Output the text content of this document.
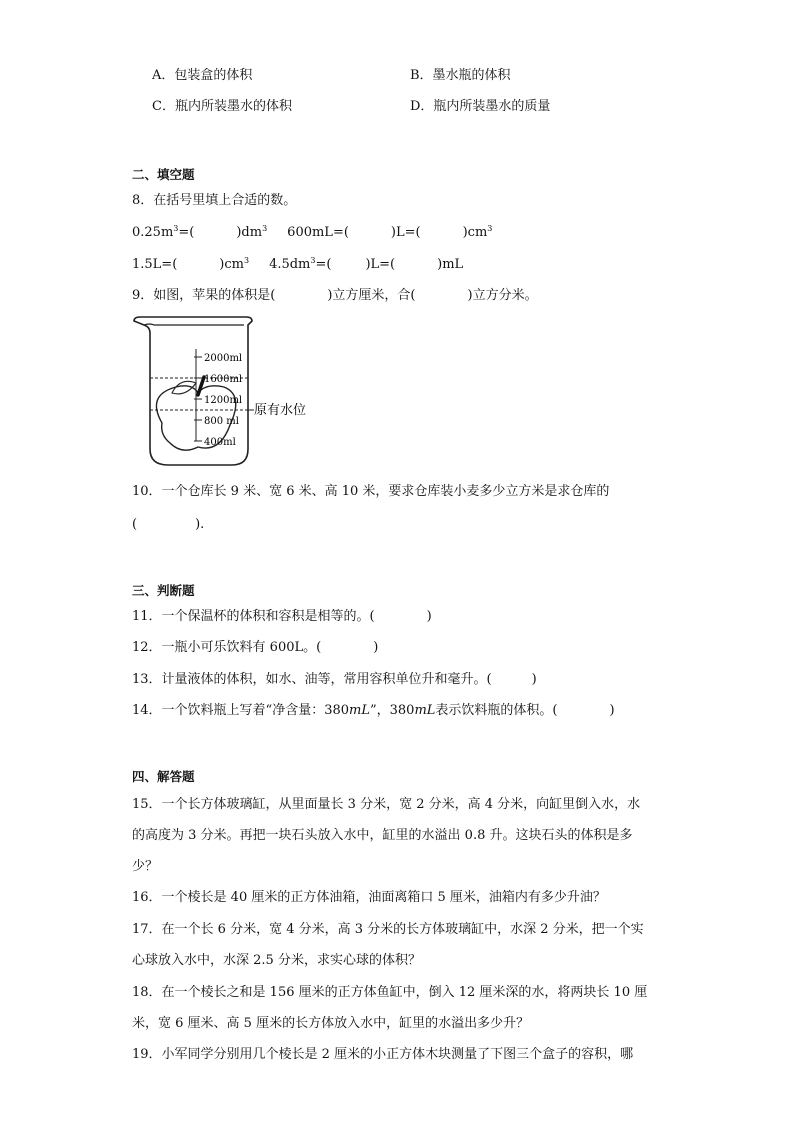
A．包装盒的体积	B．墨水瓶的体积
C．瓶内所装墨水的体积	D．瓶内所装墨水的质量
二、填空题
8．在括号里填上合适的数。
$0.25m^3=$(	)$dm^3$ 600mL=(	)L=(	)$cm^3$
1.5L=(	)$cm^3$ $4.5dm^3=$(	)L=(	)mL
9．如图，苹果的体积是(	)立方厘米，合(	)立方分米。
2000ml
1600ml
1200ml
800 ml
400ml
原有水位
10．一个仓库长 9 米、宽 6 米、高 10 米，要求仓库装小麦多少立方米是求仓库的
(	).
三、判断题
11．一个保温杯的体积和容积是相等的。(	)
12．一瓶小可乐饮料有 600L。(	)
13．计量液体的体积，如水、油等，常用容积单位升和毫升。(	)
14．一个饮料瓶上写着“净含量：380mL”，380mL表示饮料瓶的体积。(	)
四、解答题
15．一个长方体玻璃缸，从里面量长 3 分米，宽 2 分米，高 4 分米，向缸里倒入水，水
的高度为 3 分米。再把一块石头放入水中，缸里的水溢出 0.8 升。这块石头的体积是多
少？
16．一个棱长是 40 厘米的正方体油箱，油面离箱口 5 厘米，油箱内有多少升油？
17．在一个长 6 分米，宽 4 分米，高 3 分米的长方体玻璃缸中，水深 2 分米，把一个实
心球放入水中，水深 2.5 分米，求实心球的体积？
18．在一个棱长之和是 156 厘米的正方体鱼缸中，倒入 12 厘米深的水，将两块长 10 厘
米，宽 6 厘米、高 5 厘米的长方体放入水中，缸里的水溢出多少升？
19．小军同学分别用几个棱长是 2 厘米的小正方体木块测量了下图三个盒子的容积，哪
